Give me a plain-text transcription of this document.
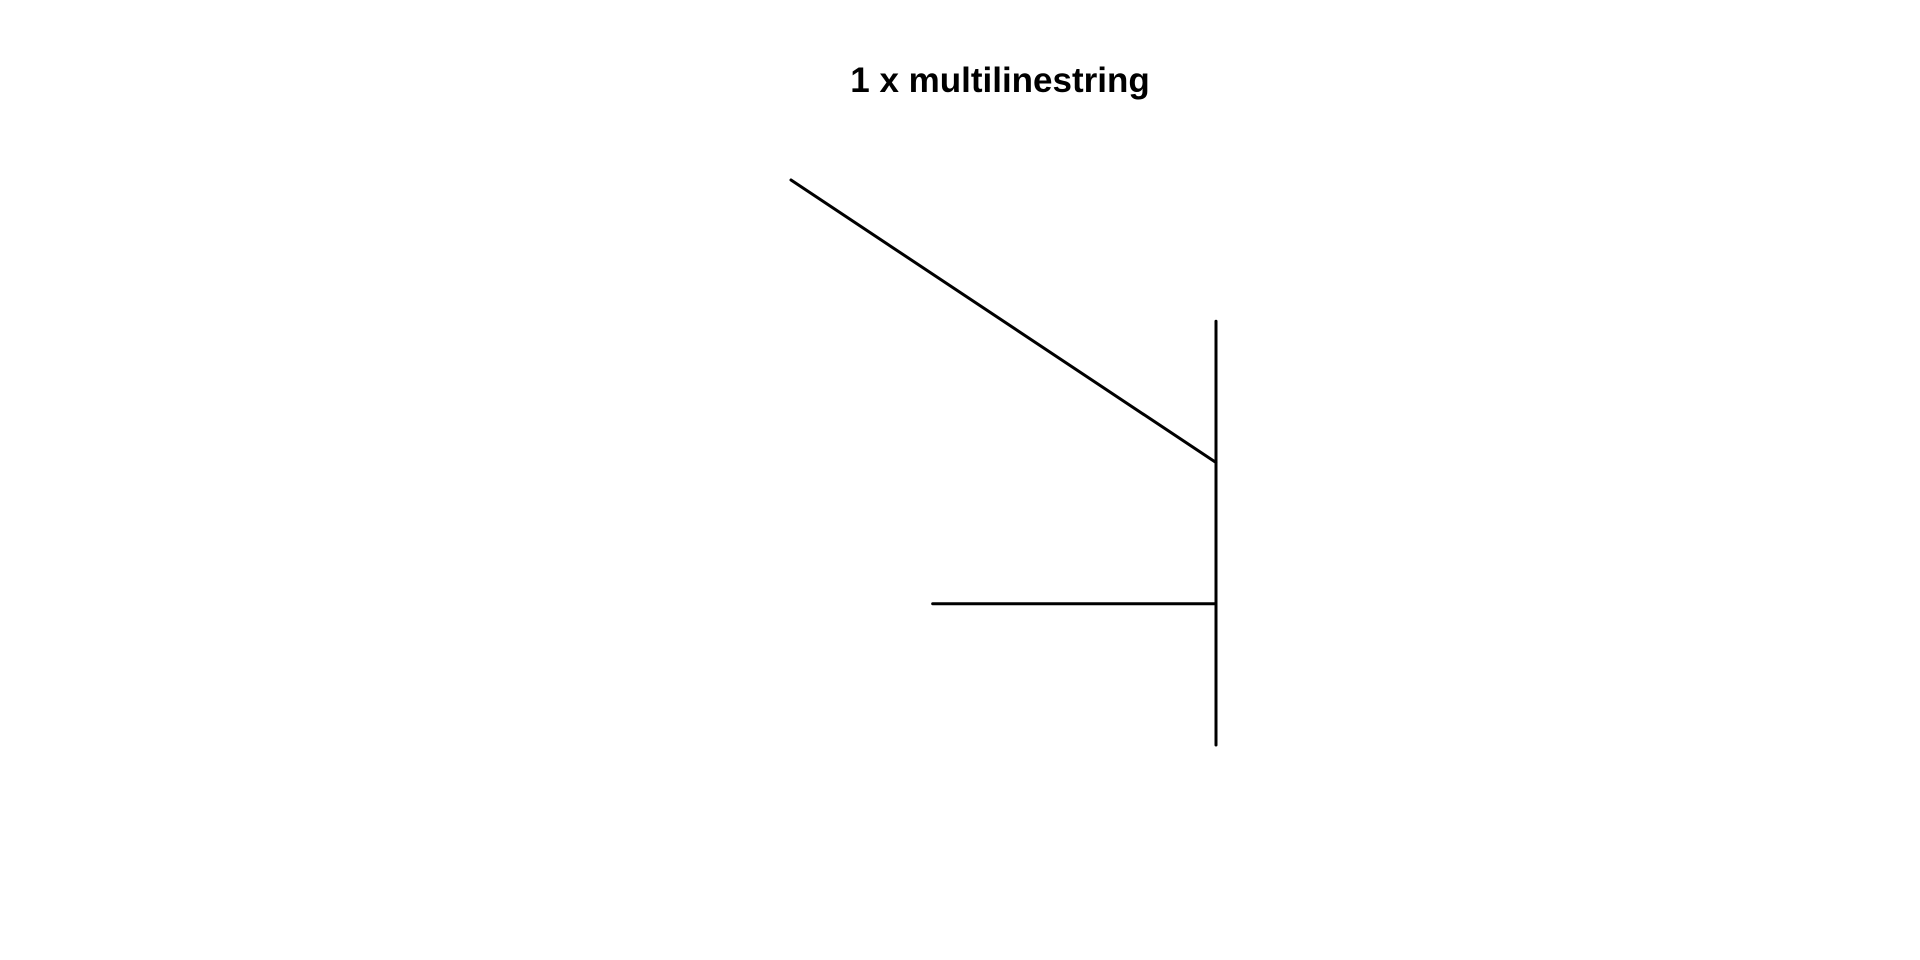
1 x multilinestring
